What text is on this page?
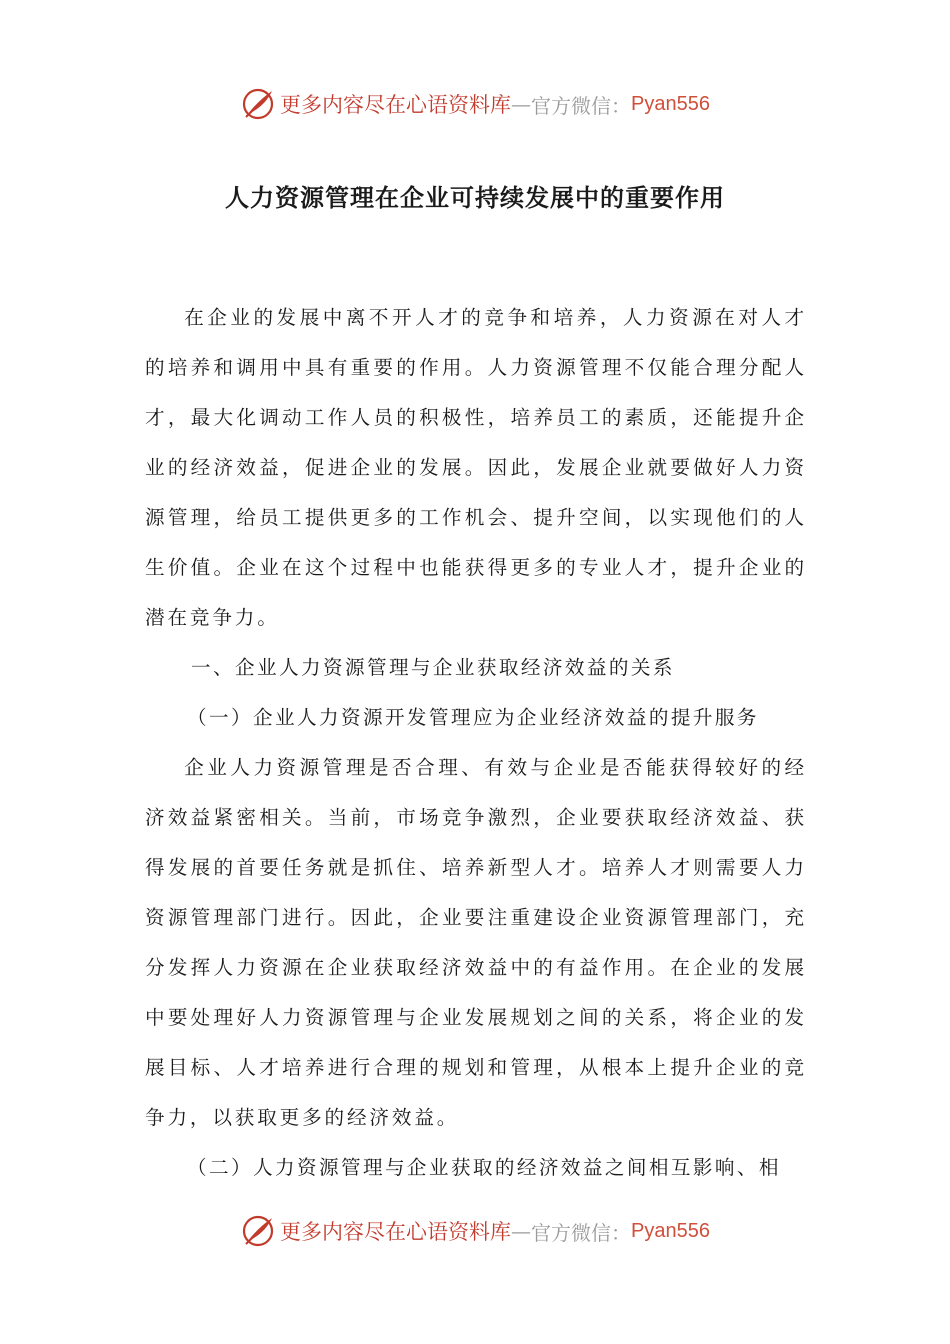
更多内容尽在心语资料库 — 官方微信： Pyan556
人力资源管理在企业可持续发展中的重要作用

在企业的发展中离不开人才的竞争和培养，人力资源在对人才的培养和调用中具有重要的作用。人力资源管理不仅能合理分配人才，最大化调动工作人员的积极性，培养员工的素质，还能提升企业的经济效益，促进企业的发展。因此，发展企业就要做好人力资源管理，给员工提供更多的工作机会、提升空间，以实现他们的人生价值。企业在这个过程中也能获得更多的专业人才，提升企业的潜在竞争力。

一、企业人力资源管理与企业获取经济效益的关系

（一）企业人力资源开发管理应为企业经济效益的提升服务

企业人力资源管理是否合理、有效与企业是否能获得较好的经济效益紧密相关。当前，市场竞争激烈，企业要获取经济效益、获得发展的首要任务就是抓住、培养新型人才。培养人才则需要人力资源管理部门进行。因此，企业要注重建设企业资源管理部门，充分发挥人力资源在企业获取经济效益中的有益作用。在企业的发展中要处理好人力资源管理与企业发展规划之间的关系，将企业的发展目标、人才培养进行合理的规划和管理，从根本上提升企业的竞争力，以获取更多的经济效益。

（二）人力资源管理与企业获取的经济效益之间相互影响、相

更多内容尽在心语资料库 — 官方微信： Pyan556
